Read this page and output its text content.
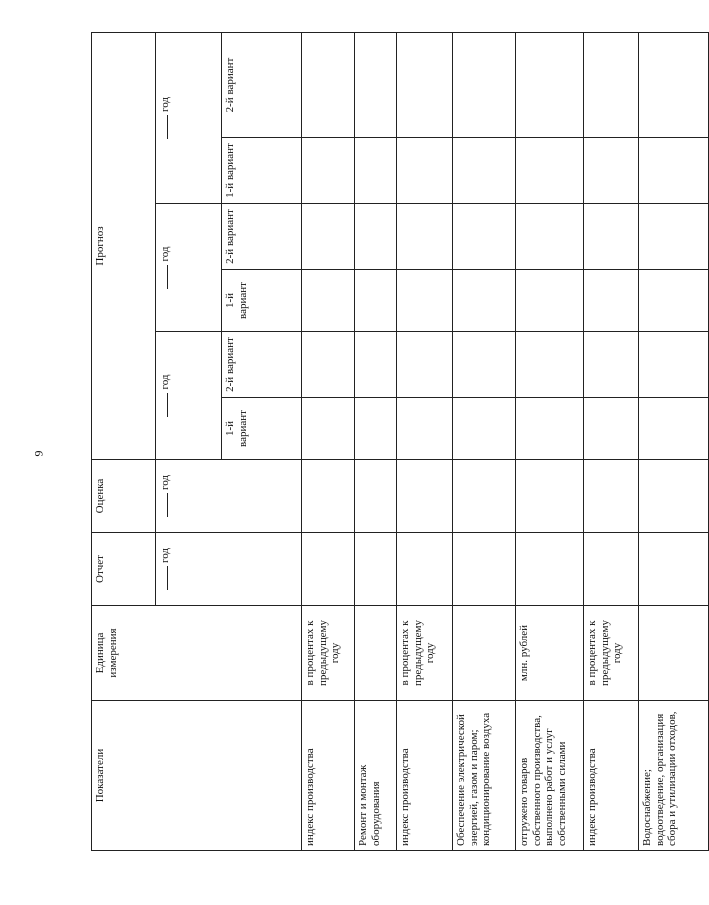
9
Показатели	Единица измерения	Отчет	Оценка	Прогноз					
		год	год	год		год		год	
				1-й вариант	2-й вариант	1-й вариант	2-й вариант	1-й вариант	2-й вариант
индекс производства	в процентах к предыдущему году								
Ремонт и монтаж оборудования									
индекс производства	в процентах к предыдущему году								
Обеспечение электрической энергией, газом и паром; кондиционирование воздуха									
отгружено товаров собственного производства, выполнено работ и услуг собственными силами	млн. рублей								
индекс производства	в процентах к предыдущему году								
Водоснабжение; водоотведение, организация сбора и утилизации отходов,									
